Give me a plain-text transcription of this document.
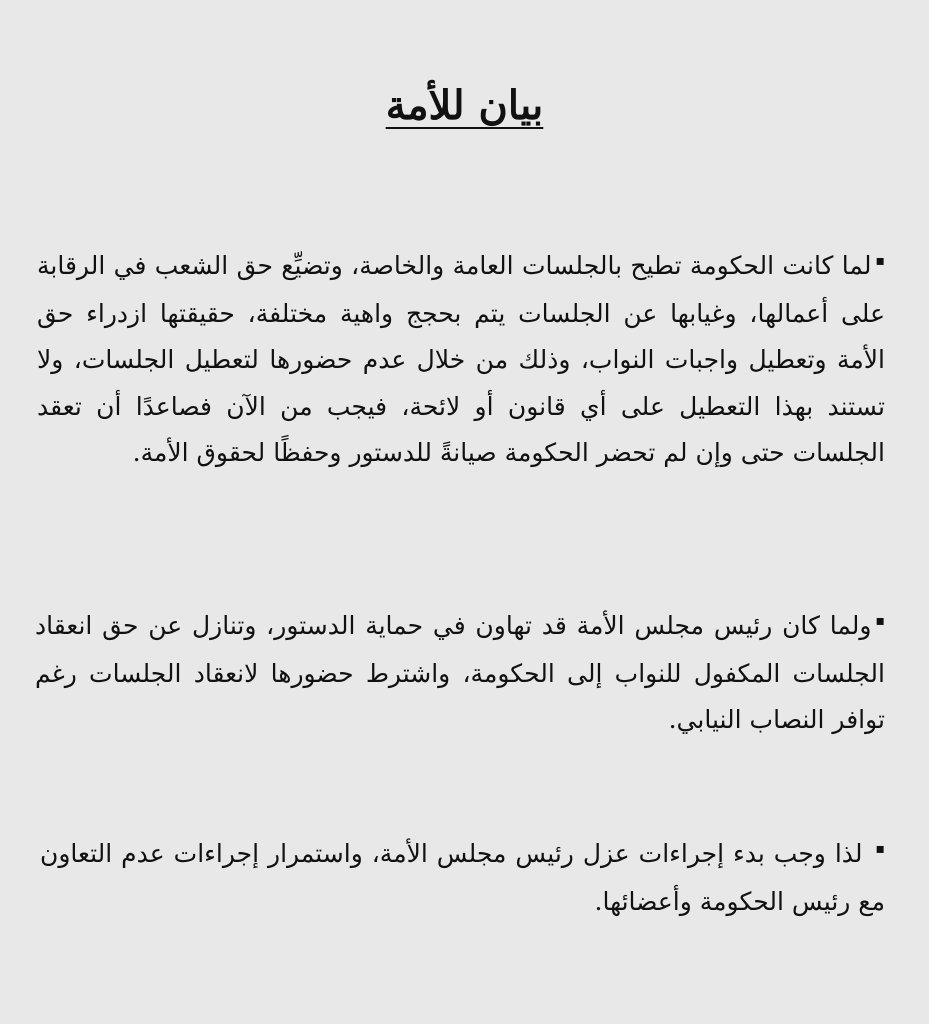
بيان للأمة

▪لما كانت الحكومة تطيح بالجلسات العامة والخاصة، وتضيِّع حق الشعب في الرقابة على أعمالها، وغيابها عن الجلسات يتم بحجج واهية مختلفة، حقيقتها ازدراء حق الأمة وتعطيل واجبات النواب، وذلك من خلال عدم حضورها لتعطيل الجلسات، ولا تستند بهذا التعطيل على أي قانون أو لائحة، فيجب من الآن فصاعدًا أن تعقد الجلسات حتى وإن لم تحضر الحكومة صيانةً للدستور وحفظًا لحقوق الأمة.

▪ولما كان رئيس مجلس الأمة قد تهاون في حماية الدستور، وتنازل عن حق انعقاد الجلسات المكفول للنواب إلى الحكومة، واشترط حضورها لانعقاد الجلسات رغم توافر النصاب النيابي.

▪ لذا وجب بدء إجراءات عزل رئيس مجلس الأمة، واستمرار إجراءات عدم التعاون مع رئيس الحكومة وأعضائها.
